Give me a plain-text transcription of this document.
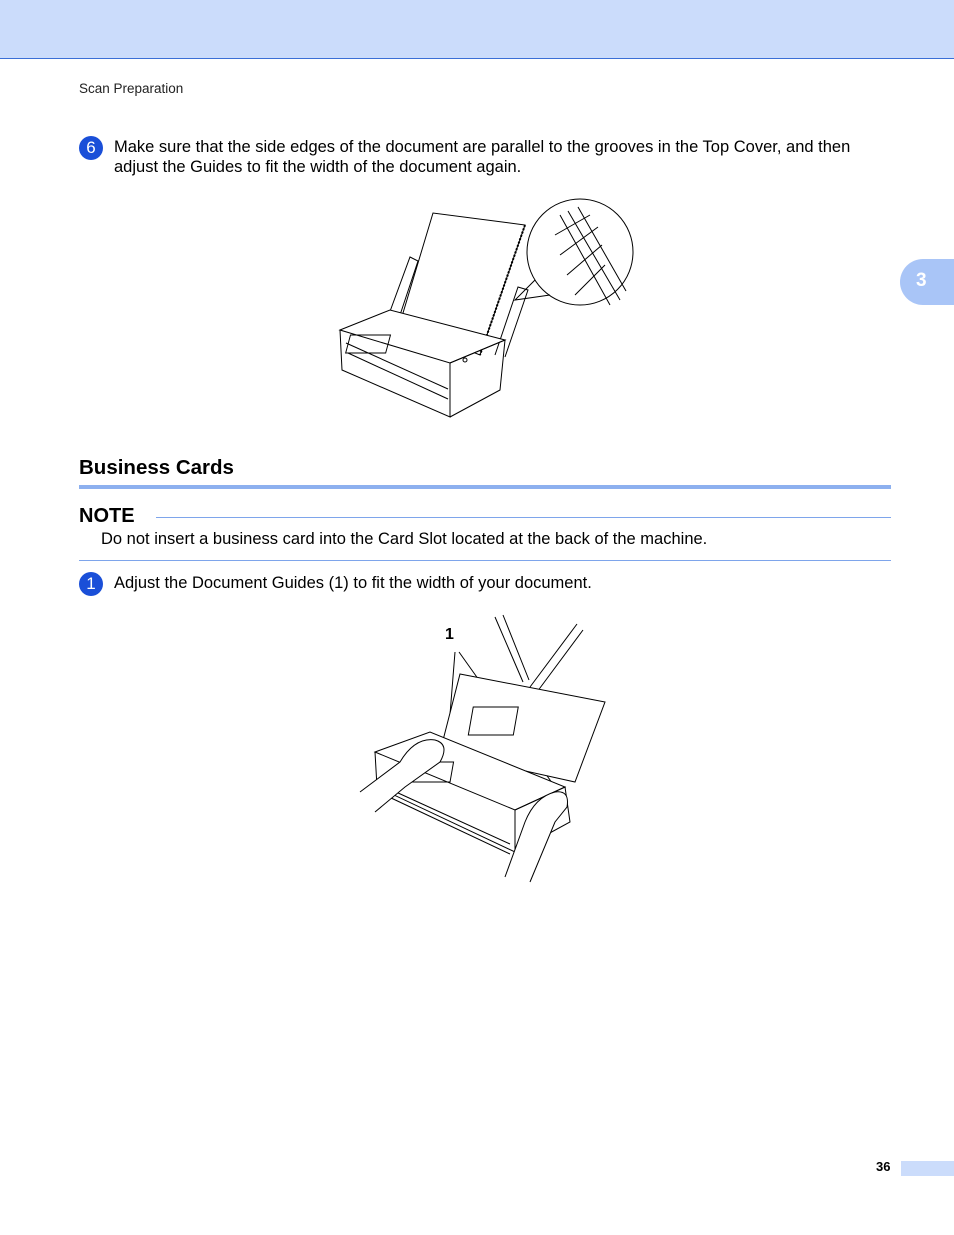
Scan Preparation
3
6	Make sure that the side edges of the document are parallel to the grooves in the Top Cover, and then adjust the Guides to fit the width of the document again.
Business Cards
NOTE
Do not insert a business card into the Card Slot located at the back of the machine.
1	Adjust the Document Guides (1) to fit the width of your document.
1
36
